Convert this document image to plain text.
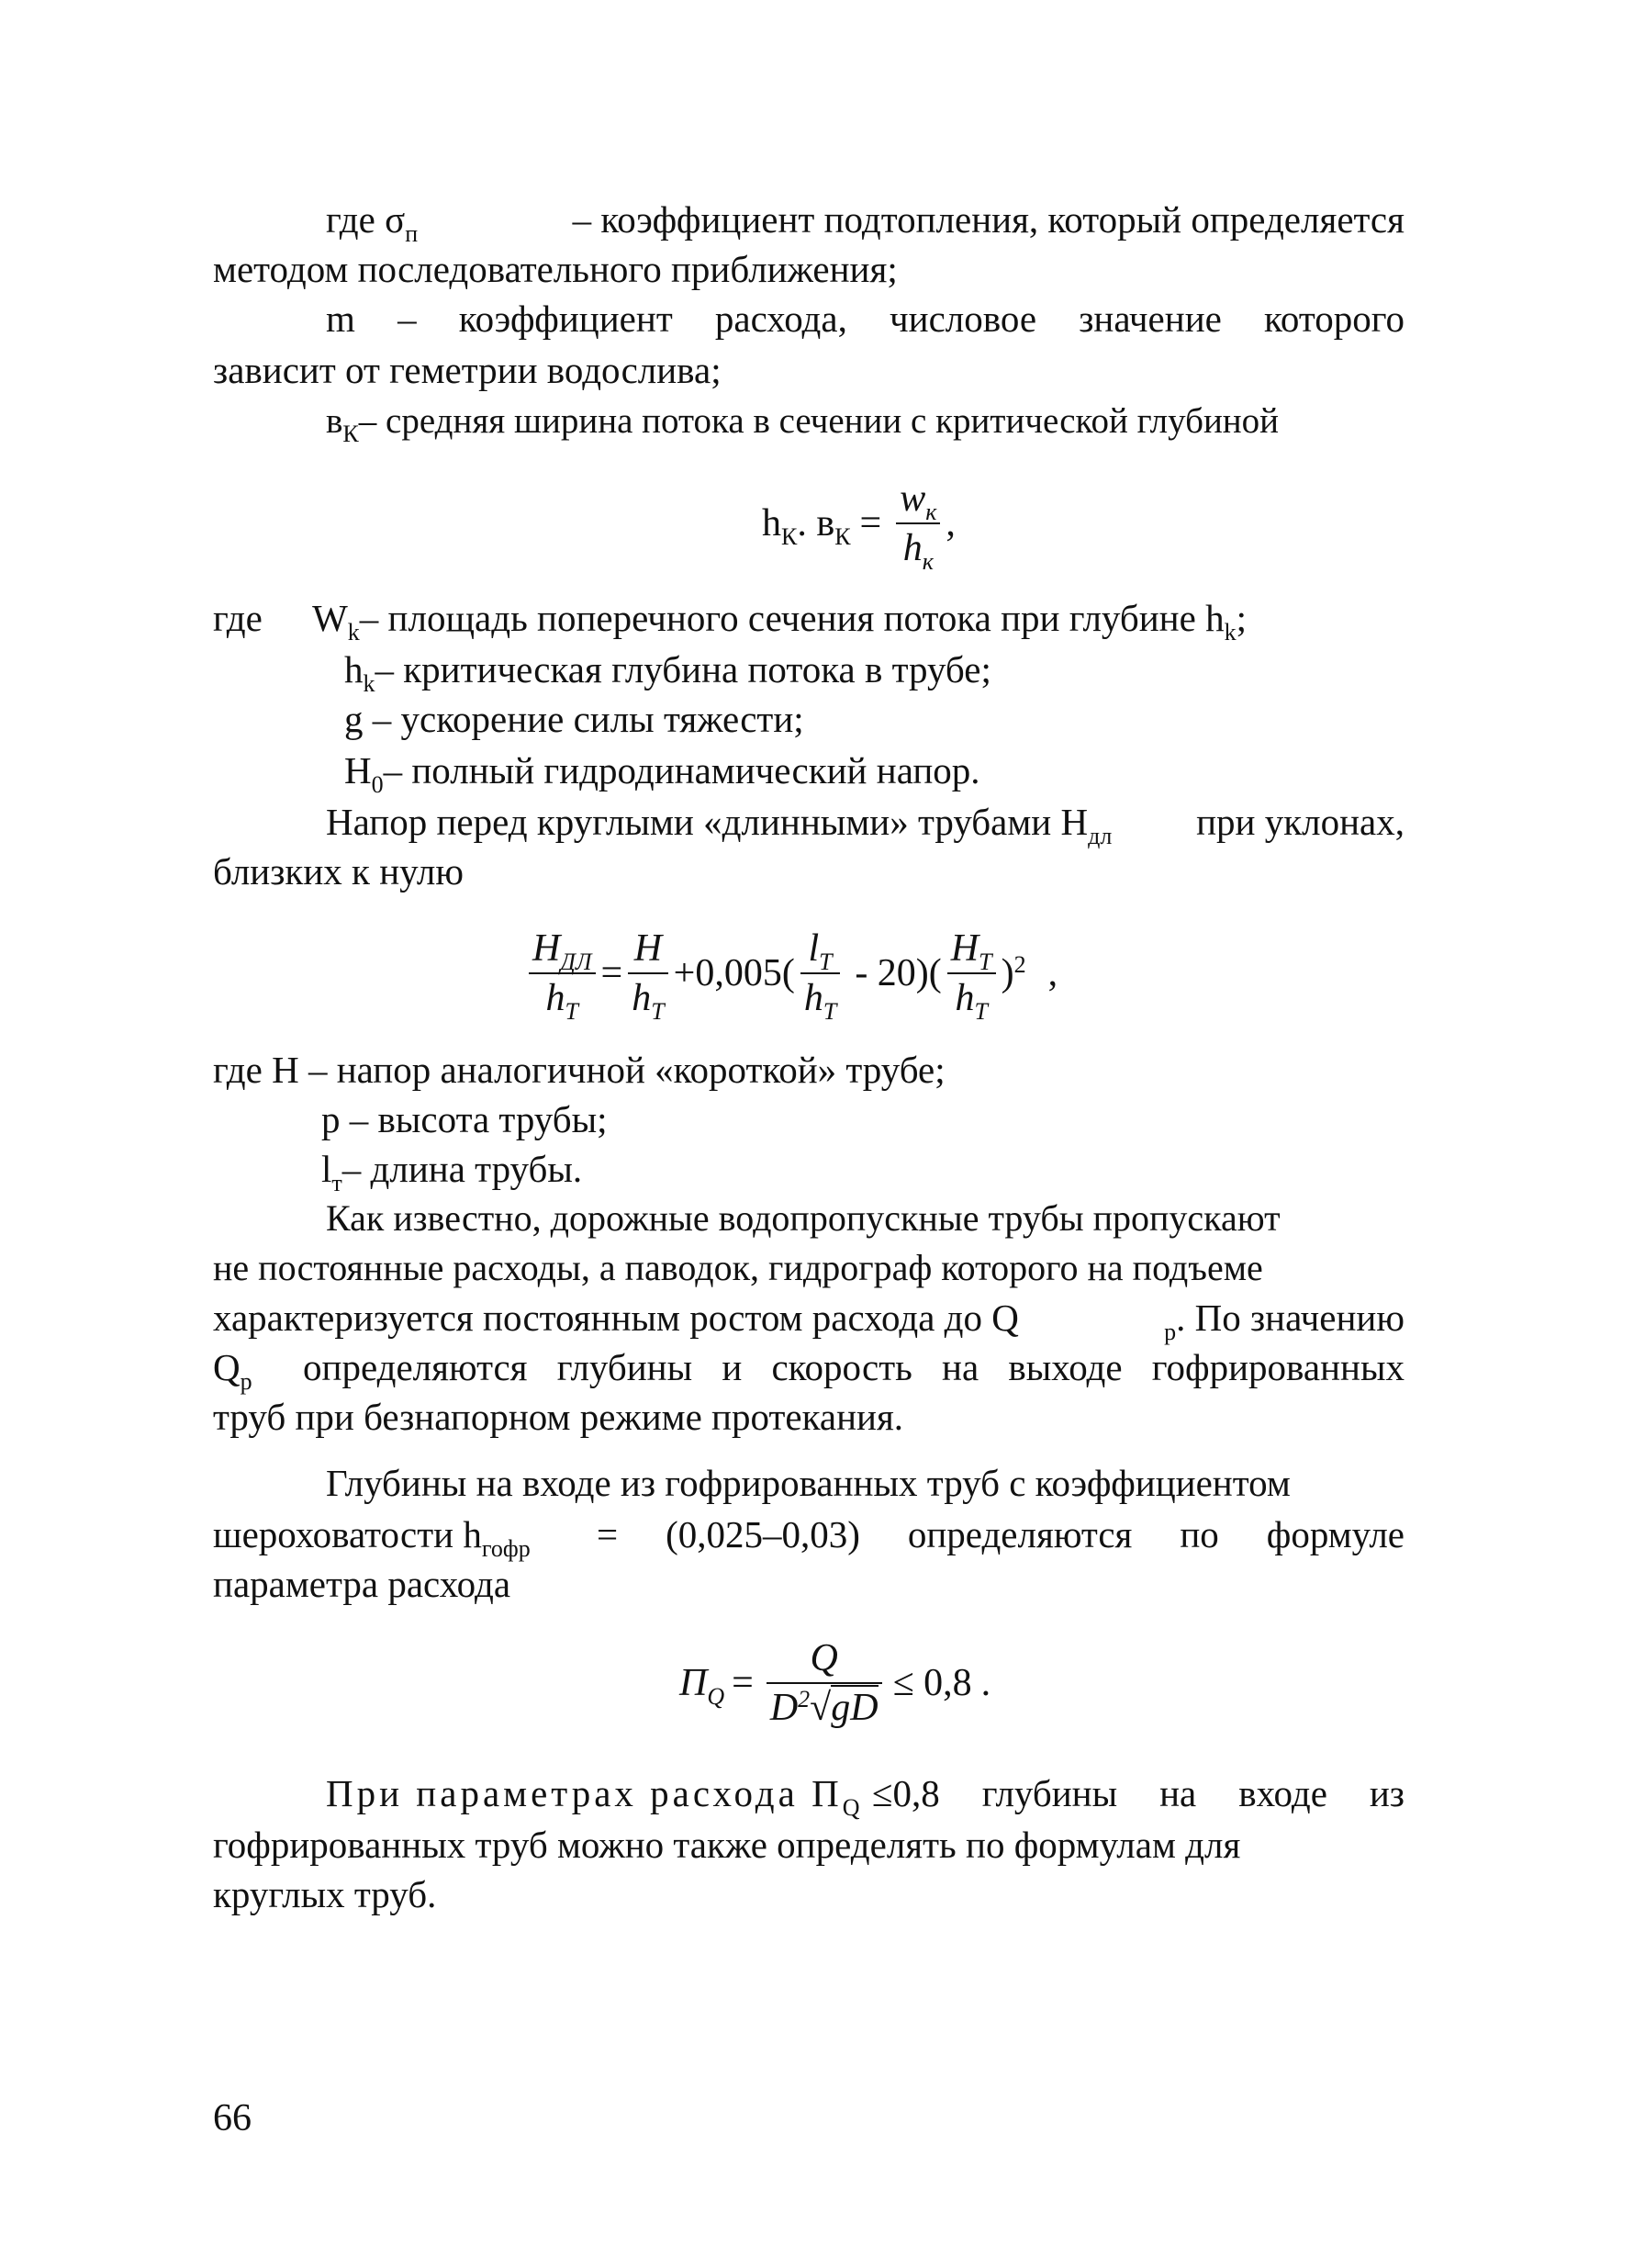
где $\sigma_п$	– коэффициент подтопления, который определяется
методом последовательного приближения;
m – коэффициент расхода, числовое значение которого
зависит от геметрии водослива;
$в_К-$ средняя ширина потока в сечении с критической глубиной
$h_К$. $в_К = \frac{w_к}{h_к}$ ,
где $W_k-$ площадь поперечного сечения потока при глубине $h_k$;
$h_k-$ критическая глубина потока в трубе;
g – ускорение силы тяжести;
$H_0-$ полный гидродинамический напор.
Напор перед круглыми «длинными» трубами $H_{дл}$ при уклонах,
близких к нулю
$\frac{H_{ДЛ}}{h_T} = \frac{H}{h_T} +0,005( \frac{l_T}{h_T} - 20)( \frac{H_T}{h_T} )^2$ ,
где H – напор аналогичной «короткой» трубе;
p – высота трубы;
$l_т-$ длина трубы.
Как известно, дорожные водопропускные трубы пропускают
не постоянные расходы, а паводок, гидрограф которого на подъеме
характеризуется постоянным ростом расхода до Q	$_р$. По значению
$Q_р$ определяются глубины и скорость на выходе гофрированных
труб при безнапорном режиме протекания.
Глубины на входе из гофрированных труб с коэффициентом
шероховатости $h_{гофр} = (0,025-0,03)$ определяются по формуле
параметра расхода
$П_Q = \frac{Q}{D^2√gD} \le 0,8$ .
При параметрах расхода $П_Q \le 0,8$ глубины на входе из
гофрированных труб можно также определять по формулам для
круглых труб.
66
